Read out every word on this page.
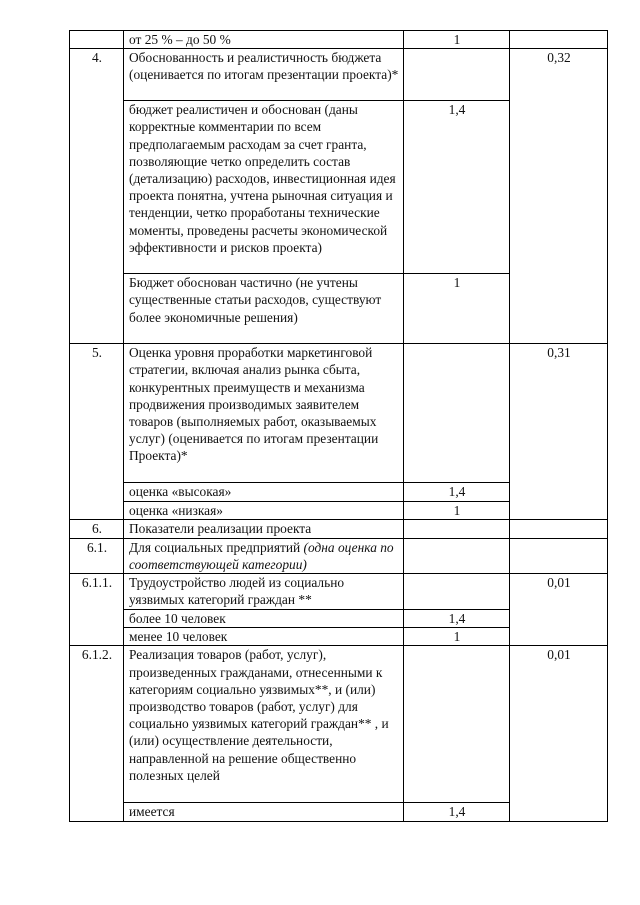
	от 25 % – до 50 %	1	
4.	Обоснованность и реалистичность бюджета (оценивается по итогам презентации проекта)*		0,32
	бюджет реалистичен и обоснован (даны корректные комментарии по всем предполагаемым расходам за счет гранта, позволяющие четко определить состав (детализацию) расходов, инвестиционная идея проекта понятна, учтена рыночная ситуация и тенденции, четко проработаны технические моменты, проведены расчеты экономической эффективности и рисков проекта)	1,4	
	Бюджет обоснован частично (не учтены существенные статьи расходов, существуют более экономичные решения)	1	
5.	Оценка уровня проработки маркетинговой стратегии, включая анализ рынка сбыта, конкурентных преимуществ и механизма продвижения производимых заявителем товаров (выполняемых работ, оказываемых услуг) (оценивается по итогам презентации Проекта)*		0,31
	оценка «высокая»	1,4	
	оценка «низкая»	1	
6.	Показатели реализации проекта		
6.1.	Для социальных предприятий (одна оценка по соответствующей категории)		
6.1.1.	Трудоустройство людей из социально уязвимых категорий граждан **		0,01
	более 10 человек	1,4	
	менее 10 человек	1	
6.1.2.	Реализация товаров (работ, услуг), произведенных гражданами, отнесенными к категориям социально уязвимых**, и (или) производство товаров (работ, услуг) для социально уязвимых категорий граждан** , и (или) осуществление деятельности, направленной на решение общественно полезных целей		0,01
	имеется	1,4	
